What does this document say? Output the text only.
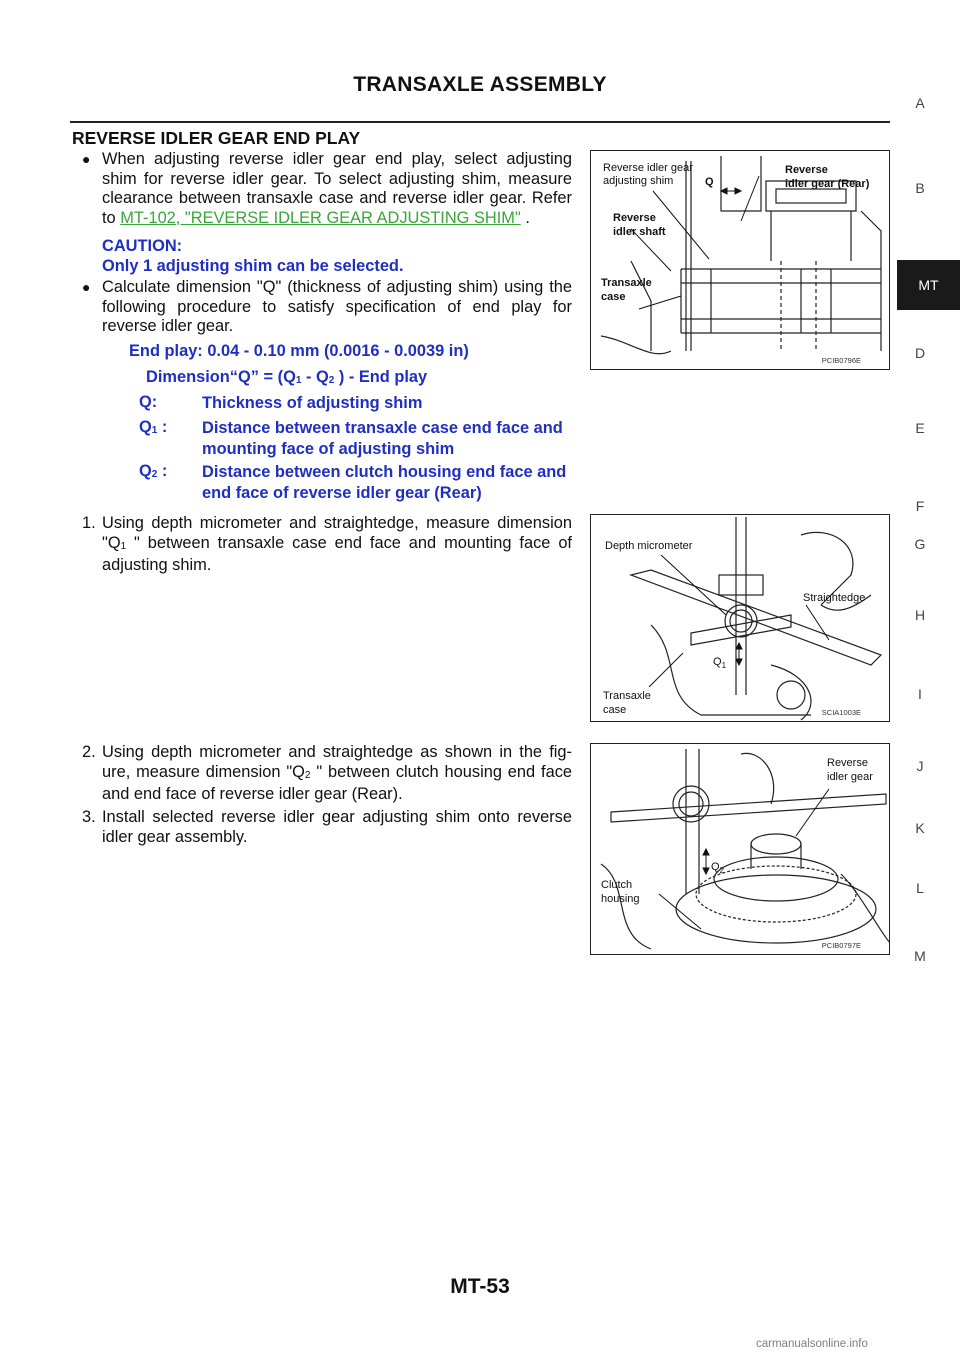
TRANSAXLE ASSEMBLY
REVERSE IDLER GEAR END PLAY
● When adjusting reverse idler gear end play, select adjusting shim for reverse idler gear. To select adjusting shim, measure clearance between transaxle case and reverse idler gear. Refer to MT-102, "REVERSE IDLER GEAR ADJUSTING SHIM" .
CAUTION:
Only 1 adjusting shim can be selected.
● Calculate dimension "Q" (thickness of adjusting shim) using the following procedure to satisfy specification of end play for reverse idler gear.
End play: 0.04 - 0.10 mm (0.0016 - 0.0039 in)
Dimension“Q” = ($Q_1 - Q_2$ ) - End play
Q:	Thickness of adjusting shim
$Q_1$ : Distance between transaxle case end face and mounting face of adjusting shim
$Q_2$ : Distance between clutch housing end face and end face of reverse idler gear (Rear)
1. Using depth micrometer and straightedge, measure dimension "$Q_1$ " between transaxle case end face and mounting face of adjusting shim.
2. Using depth micrometer and straightedge as shown in the fig- ure, measure dimension "$Q_2$ " between clutch housing end face and end face of reverse idler gear (Rear).
3. Install selected reverse idler gear adjusting shim onto reverse idler gear assembly.
Reverse idler gear
adjusting shim	Q
Reverse
idler gear (Rear)
Reverse
idler shaft
Transaxle
case
PCIB0796E
Depth micrometer
Straightedge
$Q_1$
Transaxle
case	SCIA1003E
Reverse
idler gear
$Q_2$
Clutch
housing
PCIB0797E
A
B
MT
D
E
F
G
H
I
J
K
L
M
MT-53
carmanualsonline.info
